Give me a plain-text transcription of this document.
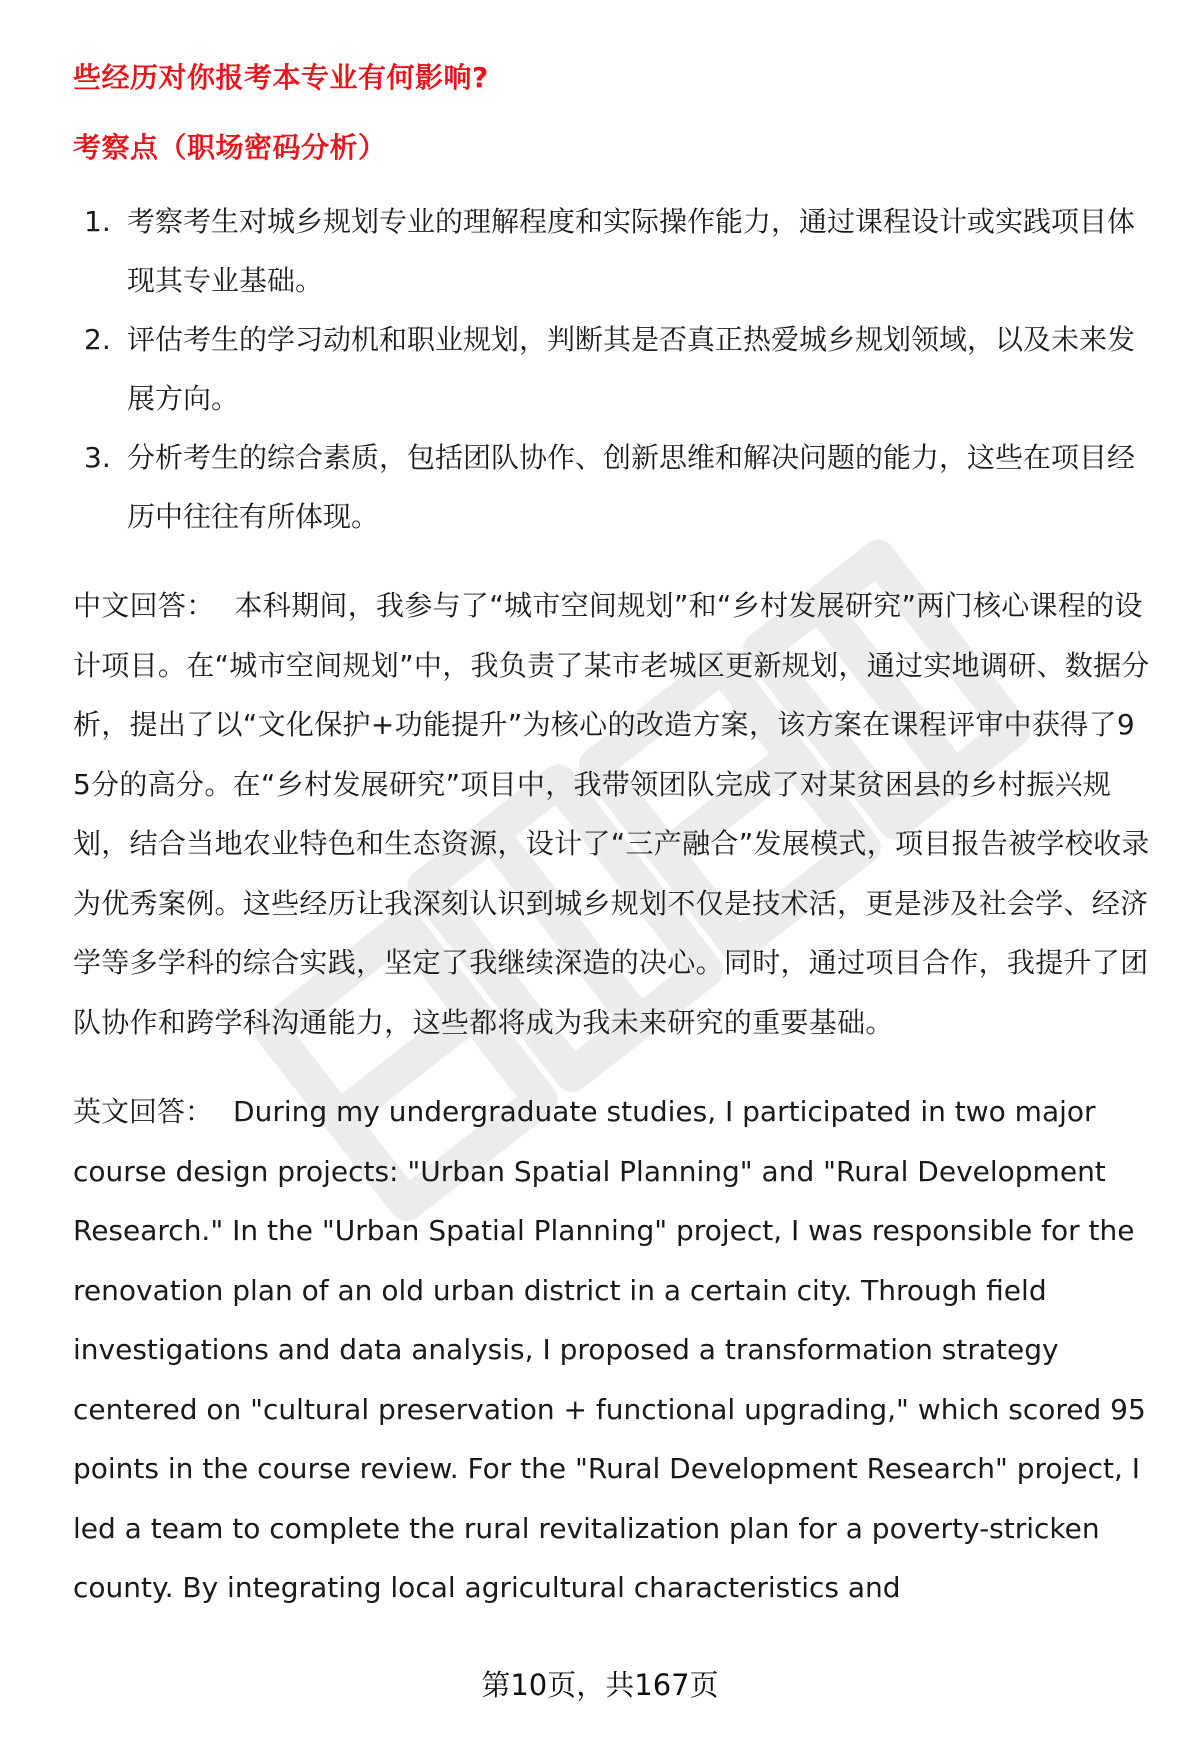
些经历对你报考本专业有何影响?

考察点（职场密码分析）

1. 考察考生对城乡规划专业的理解程度和实际操作能力，通过课程设计或实践项目体现其专业基础。
2. 评估考生的学习动机和职业规划，判断其是否真正热爱城乡规划领域，以及未来发展方向。
3. 分析考生的综合素质，包括团队协作、创新思维和解决问题的能力，这些在项目经历中往往有所体现。

中文回答： 本科期间，我参与了“城市空间规划”和“乡村发展研究”两门核心课程的设计项目。在“城市空间规划”中，我负责了某市老城区更新规划，通过实地调研、数据分析，提出了以“文化保护+功能提升”为核心的改造方案，该方案在课程评审中获得了95分的高分。在“乡村发展研究”项目中，我带领团队完成了对某贫困县的乡村振兴规划，结合当地农业特色和生态资源，设计了“三产融合”发展模式，项目报告被学校收录为优秀案例。这些经历让我深刻认识到城乡规划不仅是技术活，更是涉及社会学、经济学等多学科的综合实践，坚定了我继续深造的决心。同时，通过项目合作，我提升了团队协作和跨学科沟通能力，这些都将成为我未来研究的重要基础。

英文回答： During my undergraduate studies, I participated in two major course design projects: "Urban Spatial Planning" and "Rural Development Research." In the "Urban Spatial Planning" project, I was responsible for the renovation plan of an old urban district in a certain city. Through field investigations and data analysis, I proposed a transformation strategy centered on "cultural preservation + functional upgrading," which scored 95 points in the course review. For the "Rural Development Research" project, I led a team to complete the rural revitalization plan for a poverty-stricken county. By integrating local agricultural characteristics and

第10页，共167页
